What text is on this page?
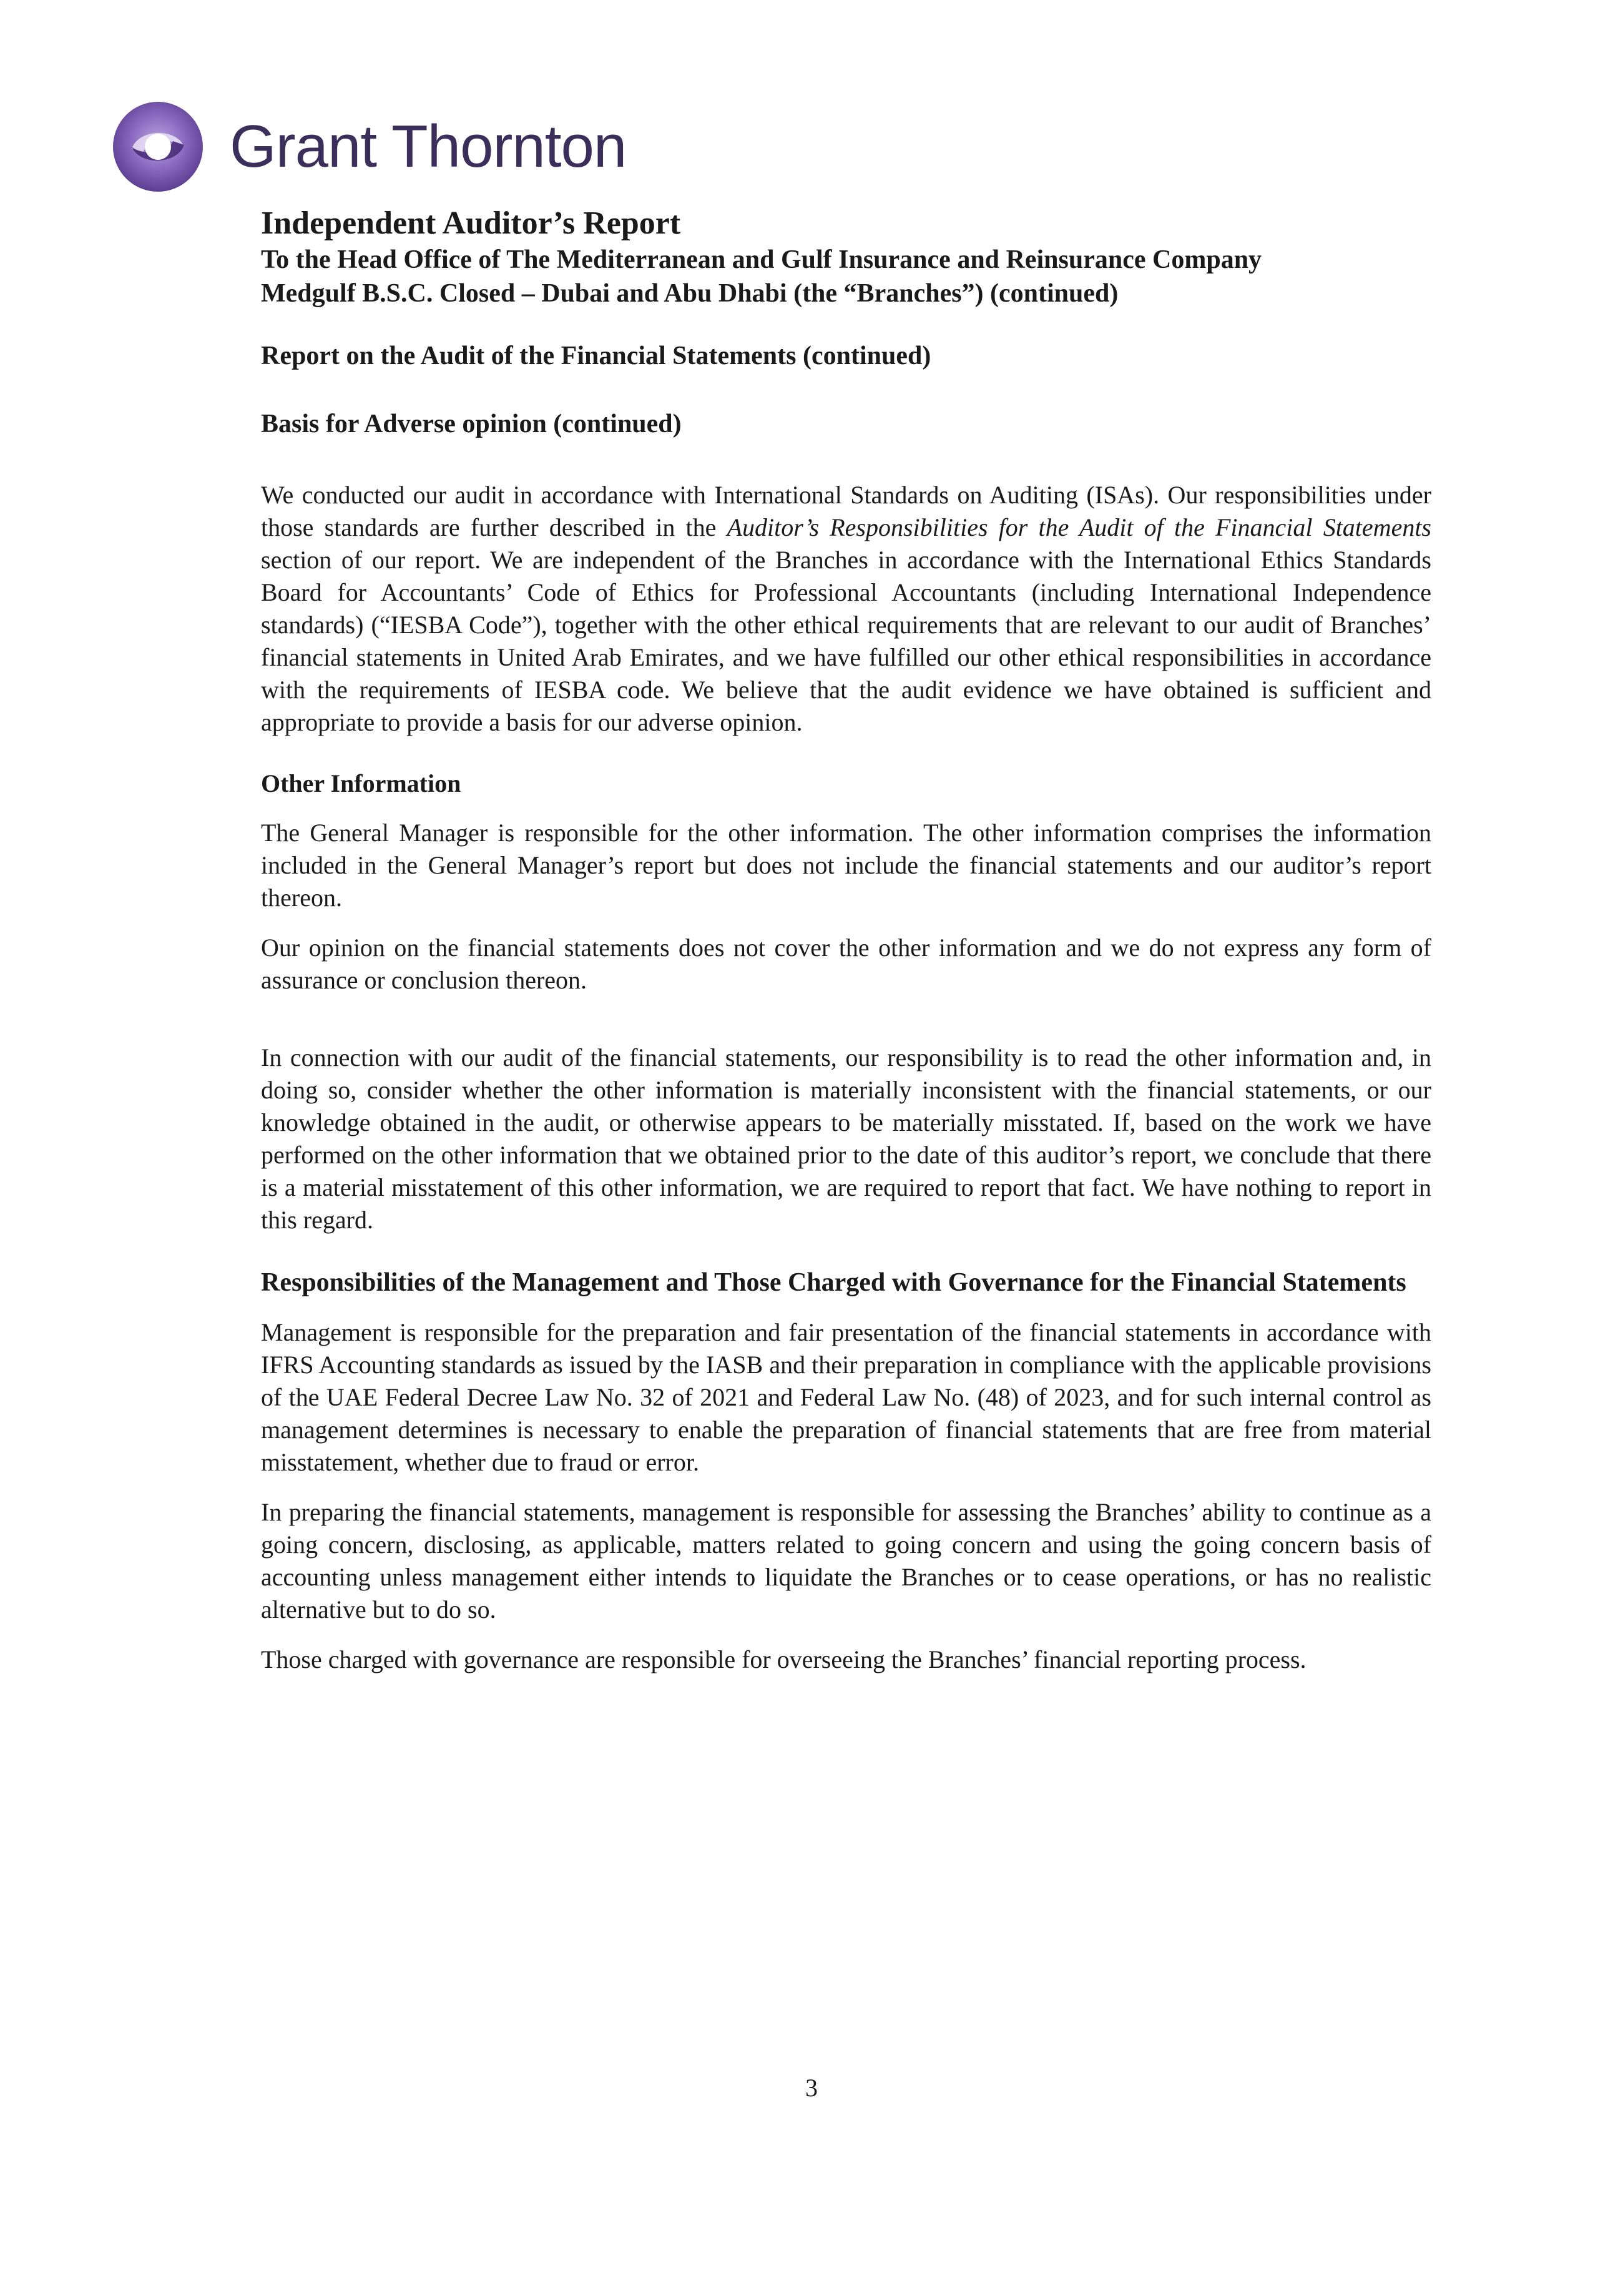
Grant Thornton
Independent Auditor’s Report
To the Head Office of The Mediterranean and Gulf Insurance and Reinsurance Company
Medgulf B.S.C. Closed – Dubai and Abu Dhabi (the “Branches”) (continued)
Report on the Audit of the Financial Statements (continued)
Basis for Adverse opinion (continued)

We conducted our audit in accordance with International Standards on Auditing (ISAs). Our responsibilities under those standards are further described in the Auditor’s Responsibilities for the Audit of the Financial Statements section of our report. We are independent of the Branches in accordance with the International Ethics Standards Board for Accountants’ Code of Ethics for Professional Accountants (including International Independence standards) (“IESBA Code”), together with the other ethical requirements that are relevant to our audit of Branches’ financial statements in United Arab Emirates, and we have fulfilled our other ethical responsibilities in accordance with the requirements of IESBA code. We believe that the audit evidence we have obtained is sufficient and appropriate to provide a basis for our adverse opinion.

Other Information

The General Manager is responsible for the other information. The other information comprises the information included in the General Manager’s report but does not include the financial statements and our auditor’s report thereon.

Our opinion on the financial statements does not cover the other information and we do not express any form of assurance or conclusion thereon.

In connection with our audit of the financial statements, our responsibility is to read the other information and, in doing so, consider whether the other information is materially inconsistent with the financial statements, or our knowledge obtained in the audit, or otherwise appears to be materially misstated. If, based on the work we have performed on the other information that we obtained prior to the date of this auditor’s report, we conclude that there is a material misstatement of this other information, we are required to report that fact. We have nothing to report in this regard.

Responsibilities of the Management and Those Charged with Governance for the Financial Statements

Management is responsible for the preparation and fair presentation of the financial statements in accordance with IFRS Accounting standards as issued by the IASB and their preparation in compliance with the applicable provisions of the UAE Federal Decree Law No. 32 of 2021 and Federal Law No. (48) of 2023, and for such internal control as management determines is necessary to enable the preparation of financial statements that are free from material misstatement, whether due to fraud or error.

In preparing the financial statements, management is responsible for assessing the Branches’ ability to continue as a going concern, disclosing, as applicable, matters related to going concern and using the going concern basis of accounting unless management either intends to liquidate the Branches or to cease operations, or has no realistic alternative but to do so.

Those charged with governance are responsible for overseeing the Branches’ financial reporting process.

3
